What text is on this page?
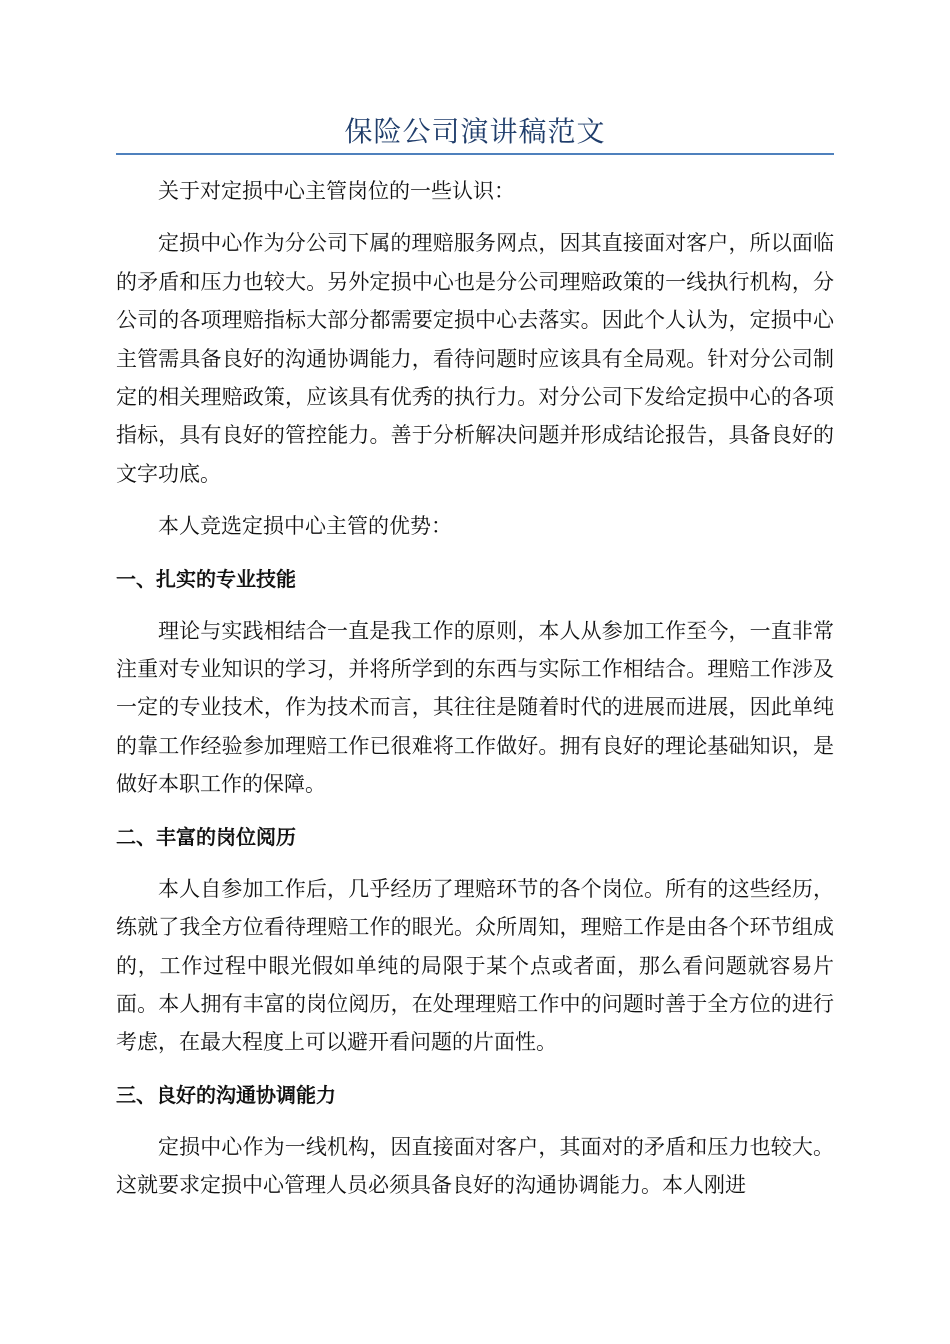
保险公司演讲稿范文

关于对定损中心主管岗位的一些认识：

定损中心作为分公司下属的理赔服务网点，因其直接面对客户，所以面临的矛盾和压力也较大。另外定损中心也是分公司理赔政策的一线执行机构，分公司的各项理赔指标大部分都需要定损中心去落实。因此个人认为，定损中心主管需具备良好的沟通协调能力，看待问题时应该具有全局观。针对分公司制定的相关理赔政策，应该具有优秀的执行力。对分公司下发给定损中心的各项指标，具有良好的管控能力。善于分析解决问题并形成结论报告，具备良好的文字功底。

本人竞选定损中心主管的优势：

一、扎实的专业技能

理论与实践相结合一直是我工作的原则，本人从参加工作至今，一直非常注重对专业知识的学习，并将所学到的东西与实际工作相结合。理赔工作涉及一定的专业技术，作为技术而言，其往往是随着时代的进展而进展，因此单纯的靠工作经验参加理赔工作已很难将工作做好。拥有良好的理论基础知识，是做好本职工作的保障。

二、丰富的岗位阅历

本人自参加工作后，几乎经历了理赔环节的各个岗位。所有的这些经历，练就了我全方位看待理赔工作的眼光。众所周知，理赔工作是由各个环节组成的，工作过程中眼光假如单纯的局限于某个点或者面，那么看问题就容易片面。本人拥有丰富的岗位阅历，在处理理赔工作中的问题时善于全方位的进行考虑，在最大程度上可以避开看问题的片面性。

三、良好的沟通协调能力

定损中心作为一线机构，因直接面对客户，其面对的矛盾和压力也较大。这就要求定损中心管理人员必须具备良好的沟通协调能力。本人刚进
